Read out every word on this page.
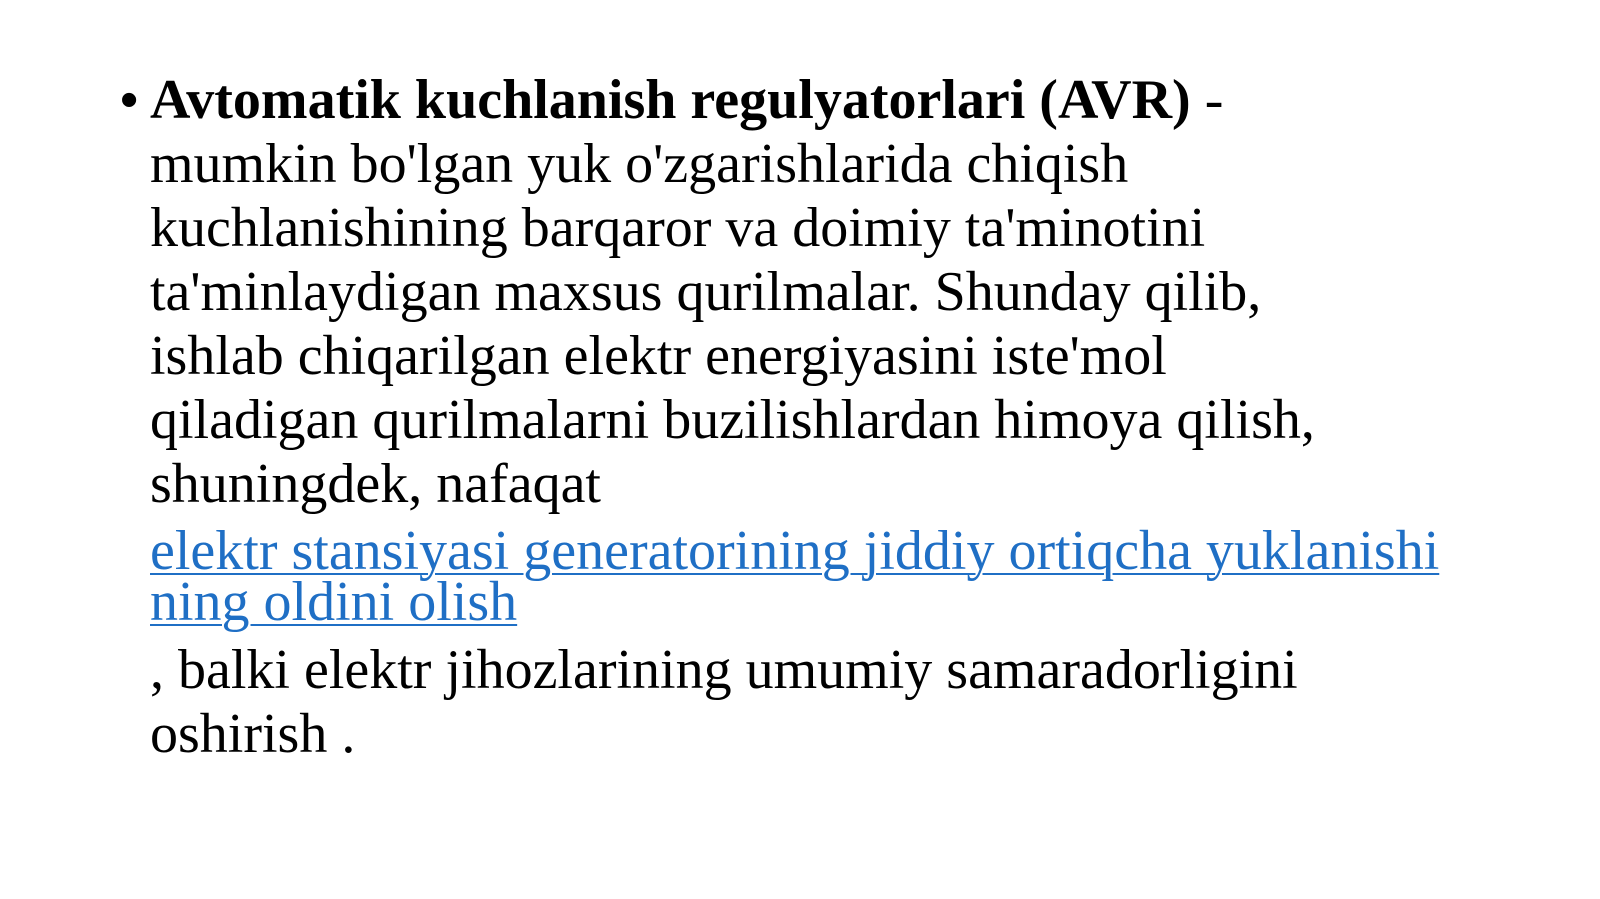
• Avtomatik kuchlanish regulyatorlari (AVR) -
mumkin bo'lgan yuk o'zgarishlarida chiqish
kuchlanishining barqaror va doimiy ta'minotini
ta'minlaydigan maxsus qurilmalar. Shunday qilib,
ishlab chiqarilgan elektr energiyasini iste'mol
qiladigan qurilmalarni buzilishlardan himoya qilish,
shuningdek, nafaqat
elektr stansiyasi generatorining jiddiy ortiqcha yuklanishining oldini olish
, balki elektr jihozlarining umumiy samaradorligini
oshirish .
